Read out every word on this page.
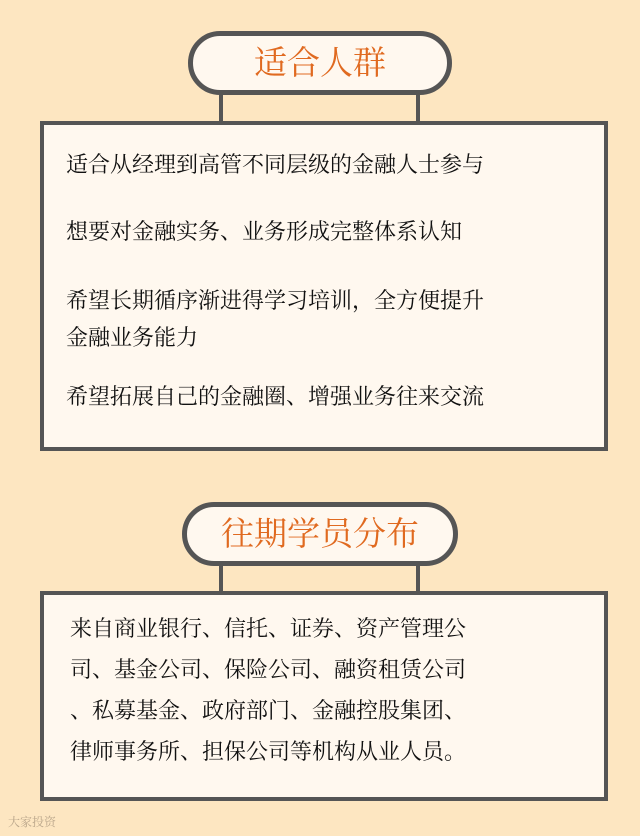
适合人群
适合从经理到高管不同层级的金融人士参与
想要对金融实务、业务形成完整体系认知
希望长期循序渐进得学习培训，全方便提升
金融业务能力
希望拓展自己的金融圈、增强业务往来交流
往期学员分布
来自商业银行、信托、证券、资产管理公
司、基金公司、保险公司、融资租赁公司
、私募基金、政府部门、金融控股集团、
律师事务所、担保公司等机构从业人员。
大家投资
